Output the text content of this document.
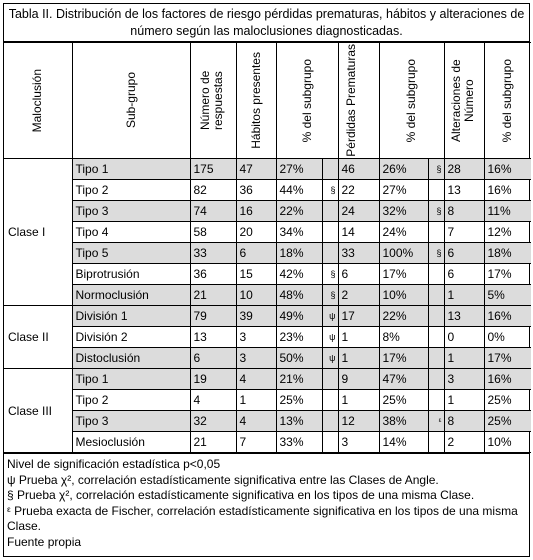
Tabla II. Distribución de los factores de riesgo pérdidas prematuras, hábitos y alteraciones de número según las maloclusiones diagnosticadas.
Maloclusión	Sub-grupo	Número de respuestas	Hábitos presentes	% del subgrupo		Pérdidas Prematuras	% del subgrupo		Alteraciones de Número	% del subgrupo

Clase I	Tipo 1	175	47	27%		46	26%	§	28	16%
	Tipo 2	82	36	44%	§	22	27%		13	16%
	Tipo 3	74	16	22%		24	32%	§	8	11%
	Tipo 4	58	20	34%		14	24%		7	12%
	Tipo 5	33	6	18%		33	100%	§	6	18%
	Biprotrusión	36	15	42%	§	6	17%		6	17%
	Normoclusión	21	10	48%	§	2	10%		1	5%
Clase II	División 1	79	39	49%	ψ	17	22%		13	16%
	División 2	13	3	23%	ψ	1	8%		0	0%
	Distoclusión	6	3	50%	ψ	1	17%		1	17%
Clase III	Tipo 1	19	4	21%		9	47%		3	16%
	Tipo 2	4	1	25%		1	25%		1	25%
	Tipo 3	32	4	13%		12	38%	ᵋ	8	25%
	Mesioclusión	21	7	33%		3	14%		2	10%
Nivel de significación estadística p<0,05
ψ Prueba χ², correlación estadísticamente significativa entre las Clases de Angle.
§ Prueba χ², correlación estadísticamente significativa en los tipos de una misma Clase.
ᵋ Prueba exacta de Fischer, correlación estadísticamente significativa en los tipos de una misma Clase.
Fuente propia
